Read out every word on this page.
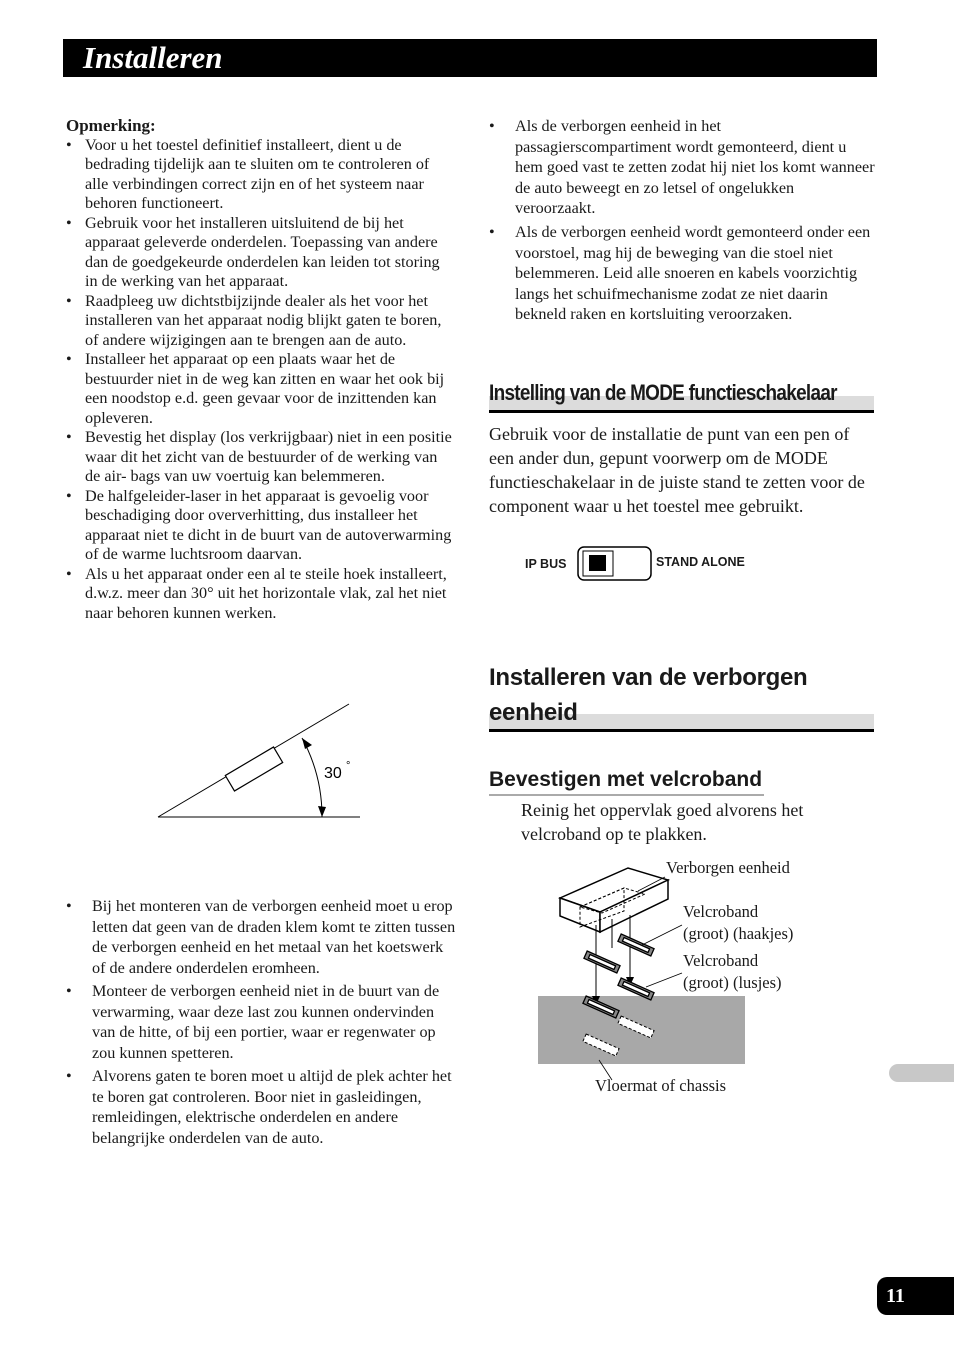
Installeren
Opmerking:
• Voor u het toestel definitief installeert, dient u de bedrading tijdelijk aan te sluiten om te controleren of alle verbindingen correct zijn en of het systeem naar behoren functioneert.
• Gebruik voor het installeren uitsluitend de bij het apparaat geleverde onderdelen. Toepassing van andere dan de goedgekeurde onderdelen kan leiden tot storing in de werking van het apparaat.
• Raadpleeg uw dichtstbijzijnde dealer als het voor het installeren van het apparaat nodig blijkt gaten te boren, of andere wijzigingen aan te brengen aan de auto.
• Installeer het apparaat op een plaats waar het de bestuurder niet in de weg kan zitten en waar het ook bij een noodstop e.d. geen gevaar voor de inzittenden kan opleveren.
• Bevestig het display (los verkrijgbaar) niet in een positie waar dit het zicht van de bestuurder of de werking van de air- bags van uw voertuig kan belemmeren.
• De halfgeleider-laser in het apparaat is gevoelig voor beschadiging door oververhitting, dus installeer het apparaat niet te dicht in de buurt van de autoverwarming of de warme luchtsroom daarvan.
• Als u het apparaat onder een al te steile hoek installeert, d.w.z. meer dan 30° uit het horizontale vlak, zal het niet naar behoren kunnen werken.
30 °
• Bij het monteren van de verborgen eenheid moet u erop letten dat geen van de draden klem komt te zitten tussen de verborgen eenheid en het metaal van het koetswerk of de andere onderdelen eromheen.
• Monteer de verborgen eenheid niet in de buurt van de verwarming, waar deze last zou kunnen ondervinden van de hitte, of bij een portier, waar er regenwater op zou kunnen spetteren.
• Alvorens gaten te boren moet u altijd de plek achter het te boren gat controleren. Boor niet in gasleidingen, remleidingen, elektrische onderdelen en andere belangrijke onderdelen van de auto.
• Als de verborgen eenheid in het passagierscompartiment wordt gemonteerd, dient u hem goed vast te zetten zodat hij niet los komt wanneer de auto beweegt en zo letsel of ongelukken veroorzaakt.
• Als de verborgen eenheid wordt gemonteerd onder een voorstoel, mag hij de beweging van die stoel niet belemmeren. Leid alle snoeren en kabels voorzichtig langs het schuifmechanisme zodat ze niet daarin bekneld raken en kortsluiting veroorzaken.
Instelling van de MODE functieschakelaar
Gebruik voor de installatie de punt van een pen of een ander dun, gepunt voorwerp om de MODE functieschakelaar in de juiste stand te zetten voor de component waar u het toestel mee gebruikt.
IP BUS	STAND ALONE
Installeren van de verborgen
eenheid
Bevestigen met velcroband
Reinig het oppervlak goed alvorens het velcroband op te plakken.
Verborgen eenheid
Velcroband
(groot) (haakjes)
Velcroband
(groot) (lusjes)
Vloermat of chassis
11
